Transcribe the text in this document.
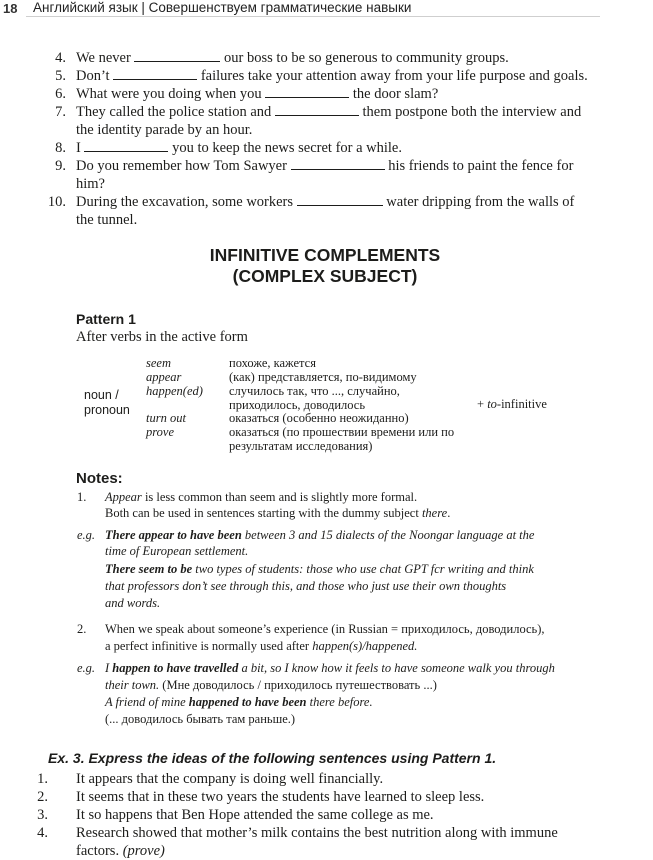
18 Английский язык | Совершенствуем грамматические навыки
4. We never	our boss to be so generous to community groups.
5. Don’t	failures take your attention away from your life purpose and goals.
6. What were you doing when you	the door slam?
7. They called the police station and	them postpone both the interview and
the identity parade by an hour.
8. I	you to keep the news secret for a while.
9. Do you remember how Tom Sawyer	his friends to paint the fence for
him?
10. During the excavation, some workers	water dripping from the walls of
the tunnel.
INFINITIVE COMPLEMENTS
(COMPLEX SUBJECT)
Pattern 1
After verbs in the active form
noun /
pronoun
seem	похоже, кажется
appear	(как) представляется, по-видимому
happen(ed) случилось так, что ..., случайно,
приходилось, доводилось
turn out	оказаться (особенно неожиданно)
prove	оказаться (по прошествии времени или по
результатам исследования)
+ to-infinitive
Notes:
1. Appear is less common than seem and is slightly more formal.
Both can be used in sentences starting with the dummy subject there.
e.g. There appear to have been between 3 and 15 dialects of the Noongar language at the
time of European settlement.
There seem to be two types of students: those who use chat GPT fcr writing and think
that professors don’t see through this, and those who just use their own thoughts
and words.
2. When we speak about someone’s experience (in Russian = приходилось, доводилось),
a perfect infinitive is normally used after happen(s)/happened.
e.g. I happen to have travelled a bit, so I know how it feels to have someone walk you through
their town. (Мне доводилось / приходилось путешествовать ...)
A friend of mine happened to have been there before.
(... доводилось бывать там раньше.)
Ex. 3. Express the ideas of the following sentences using Pattern 1.
1. It appears that the company is doing well financially.
2. It seems that in these two years the students have learned to sleep less.
3. It so happens that Ben Hope attended the same college as me.
4. Research showed that mother’s milk contains the best nutrition along with immune
factors. (prove)
